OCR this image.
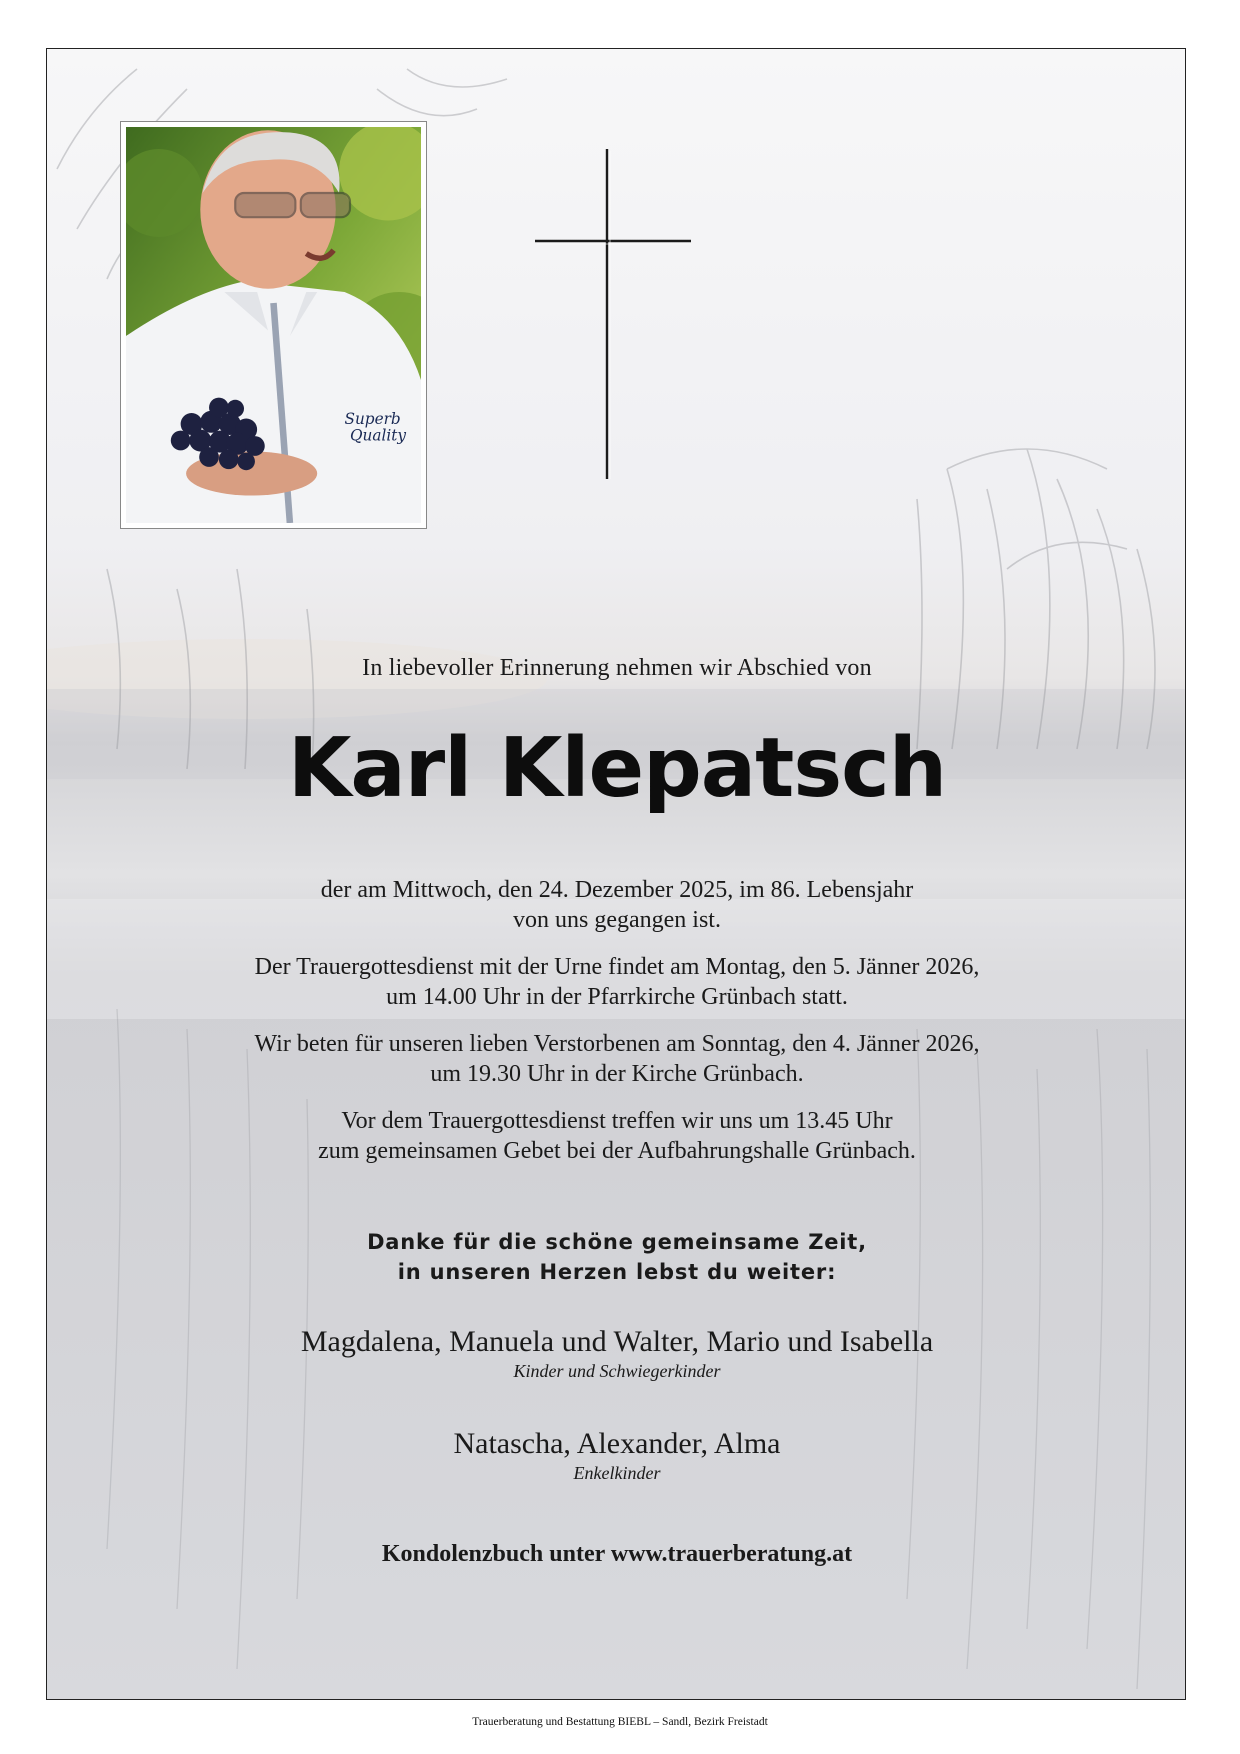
Superb
Quality
In liebevoller Erinnerung nehmen wir Abschied von
Karl Klepatsch
der am Mittwoch, den 24. Dezember 2025, im 86. Lebensjahr
von uns gegangen ist.
Der Trauergottesdienst mit der Urne findet am Montag, den 5. Jänner 2026,
um 14.00 Uhr in der Pfarrkirche Grünbach statt.
Wir beten für unseren lieben Verstorbenen am Sonntag, den 4. Jänner 2026,
um 19.30 Uhr in der Kirche Grünbach.
Vor dem Trauergottesdienst treffen wir uns um 13.45 Uhr
zum gemeinsamen Gebet bei der Aufbahrungshalle Grünbach.
Danke für die schöne gemeinsame Zeit,
in unseren Herzen lebst du weiter:
Magdalena, Manuela und Walter, Mario und Isabella
Kinder und Schwiegerkinder
Natascha, Alexander, Alma
Enkelkinder
Kondolenzbuch unter www.trauerberatung.at
Trauerberatung und Bestattung BIEBL – Sandl, Bezirk Freistadt
